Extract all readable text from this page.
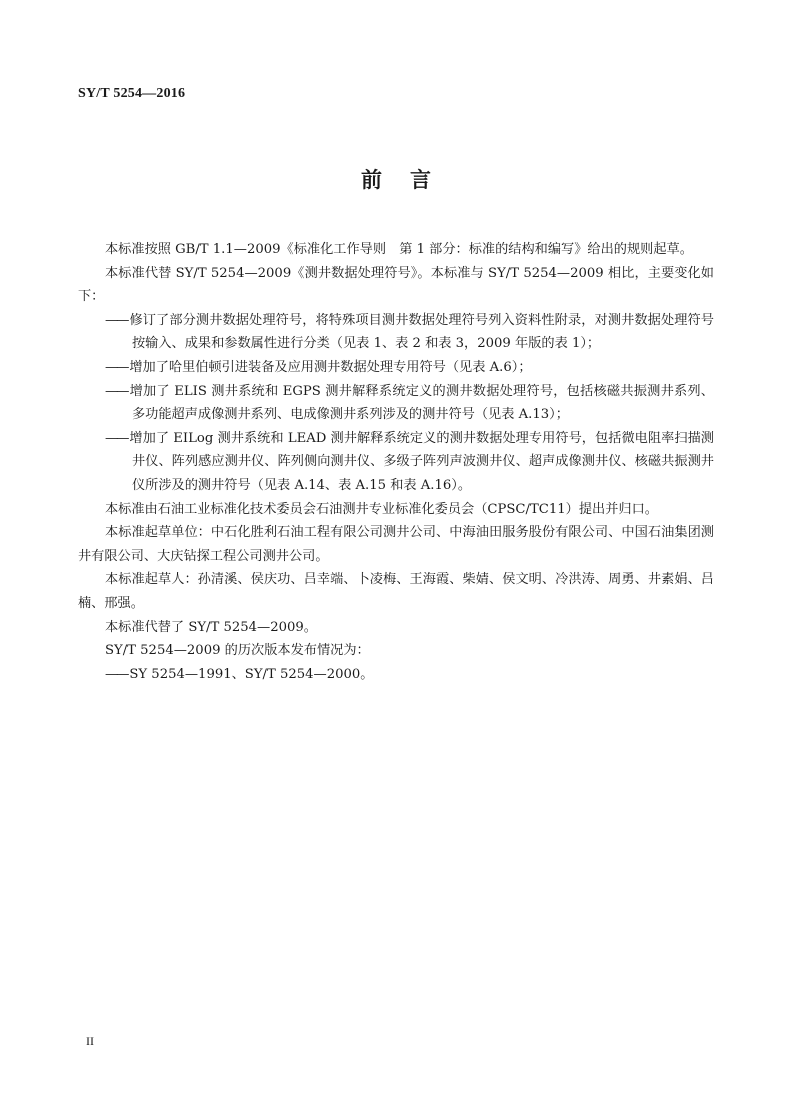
SY/T 5254—2016
前 言

本标准按照 GB/T 1.1—2009《标准化工作导则　第 1 部分：标准的结构和编写》给出的规则起草。

本标准代替 SY/T 5254—2009《测井数据处理符号》。本标准与 SY/T 5254—2009 相比，主要变化如下：

—— 修订了部分测井数据处理符号，将特殊项目测井数据处理符号列入资料性附录，对测井数据处理符号按输入、成果和参数属性进行分类（见表 1、表 2 和表 3，2009 年版的表 1）；

—— 增加了哈里伯顿引进装备及应用测井数据处理专用符号（见表 A.6）；

—— 增加了 ELIS 测井系统和 EGPS 测井解释系统定义的测井数据处理符号，包括核磁共振测井系列、多功能超声成像测井系列、电成像测井系列涉及的测井符号（见表 A.13）；

—— 增加了 EILog 测井系统和 LEAD 测井解释系统定义的测井数据处理专用符号，包括微电阻率扫描测井仪、阵列感应测井仪、阵列侧向测井仪、多级子阵列声波测井仪、超声成像测井仪、核磁共振测井仪所涉及的测井符号（见表 A.14、表 A.15 和表 A.16）。

本标准由石油工业标准化技术委员会石油测井专业标准化委员会（CPSC/TC11）提出并归口。

本标准起草单位：中石化胜利石油工程有限公司测井公司、中海油田服务股份有限公司、中国石油集团测井有限公司、大庆钻探工程公司测井公司。

本标准起草人：孙清溪、侯庆功、吕幸端、卜凌梅、王海霞、柴婧、侯文明、冷洪涛、周勇、井素娟、吕楠、邢强。

本标准代替了 SY/T 5254—2009。

SY/T 5254—2009 的历次版本发布情况为：

—— SY 5254—1991、SY/T 5254—2000。

II
